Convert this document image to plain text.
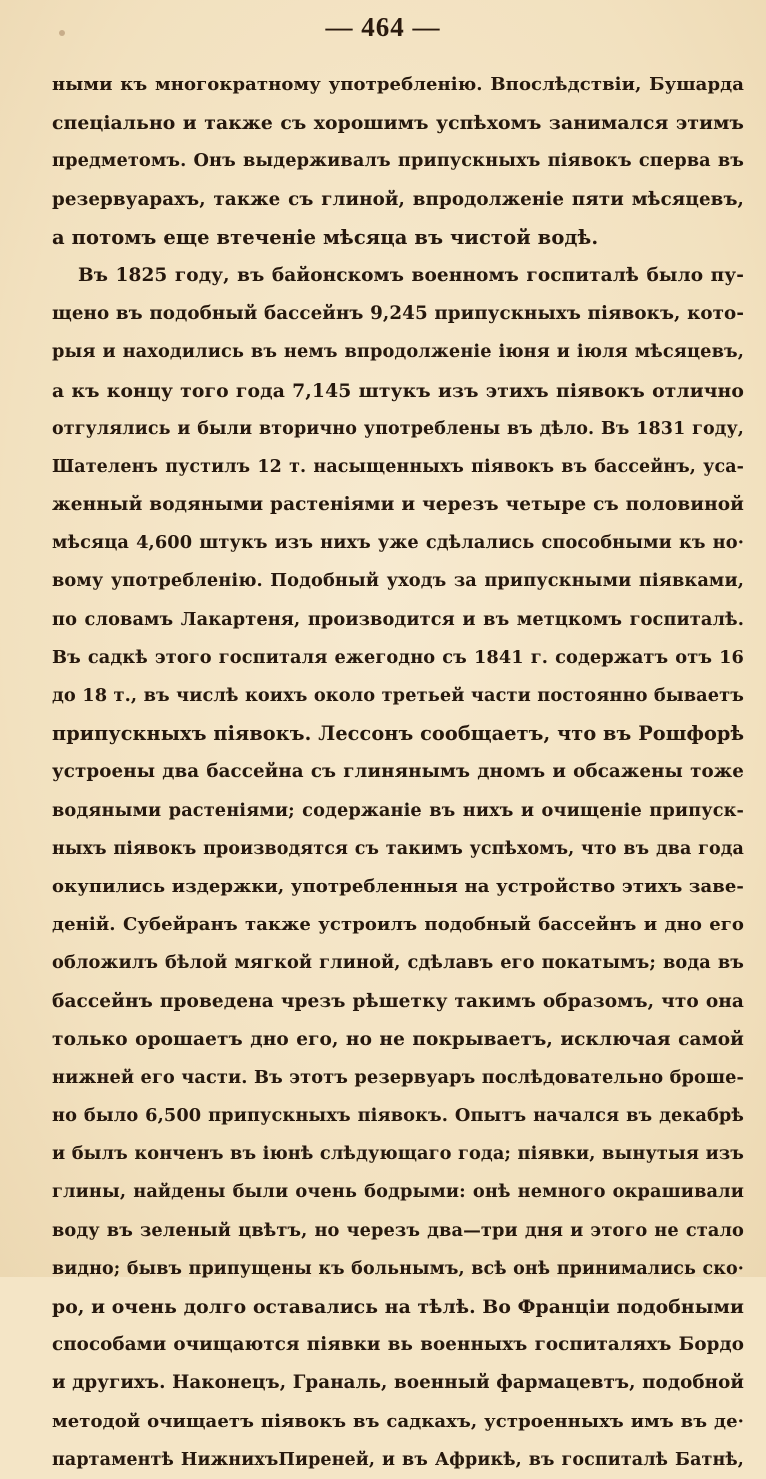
— 464 —
ными къ многократному употребленію. Впослѣдствіи, Бушарда
спеціально и также съ хорошимъ успѣхомъ занимался этимъ
предметомъ. Онъ выдерживалъ припускныхъ піявокъ сперва въ
резервуарахъ, также съ глиной, впродолженіе пяти мѣсяцевъ,
а потомъ еще втеченіе мѣсяца въ чистой водѣ.
Въ 1825 году, въ байонскомъ военномъ госпиталѣ было пу-
щено въ подобный бассейнъ 9,245 припускныхъ піявокъ, кото-
рыя и находились въ немъ впродолженіе іюня и іюля мѣсяцевъ,
а къ концу того года 7,145 штукъ изъ этихъ піявокъ отлично
отгулялись и были вторично употреблены въ дѣло. Въ 1831 году,
Шателенъ пустилъ 12 т. насыщенныхъ піявокъ въ бассейнъ, уса-
женный водяными растеніями и черезъ четыре съ половиной
мѣсяца 4,600 штукъ изъ нихъ уже сдѣлались способными къ но·
вому употребленію. Подобный уходъ за припускными піявками,
по словамъ Лакартеня, производится и въ метцкомъ госпиталѣ.
Въ садкѣ этого госпиталя ежегодно съ 1841 г. содержатъ отъ 16
до 18 т., въ числѣ коихъ около третьей части постоянно бываетъ
припускныхъ піявокъ. Лессонъ сообщаетъ, что въ Рошфорѣ
устроены два бассейна съ глинянымъ дномъ и обсажены тоже
водяными растеніями; содержаніе въ нихъ и очищеніе припуск-
ныхъ піявокъ производятся съ такимъ успѣхомъ, что въ два года
окупились издержки, употребленныя на устройство этихъ заве-
деній. Субейранъ также устроилъ подобный бассейнъ и дно его
обложилъ бѣлой мягкой глиной, сдѣлавъ его покатымъ; вода въ
бассейнъ проведена чрезъ рѣшетку такимъ образомъ, что она
только орошаетъ дно его, но не покрываетъ, исключая самой
нижней его части. Въ этотъ резервуаръ послѣдовательно броше-
но было 6,500 припускныхъ піявокъ. Опытъ начался въ декабрѣ
и былъ конченъ въ іюнѣ слѣдующаго года; піявки, вынутыя изъ
глины, найдены были очень бодрыми: онѣ немного окрашивали
воду въ зеленый цвѣтъ, но черезъ два—три дня и этого не стало
видно; бывъ припущены къ больнымъ, всѣ онѣ принимались ско·
ро, и очень долго оставались на тѣлѣ. Во Франціи подобными
способами очищаются піявки вь военныхъ госпиталяхъ Бордо
и другихъ. Наконецъ, Граналь, военный фармацевтъ, подобной
методой очищаетъ піявокъ въ садкахъ, устроенныхъ имъ въ де·
партаментѣ НижнихъПиреней, и въ Африкѣ, въ госпиталѣ Батнѣ,
